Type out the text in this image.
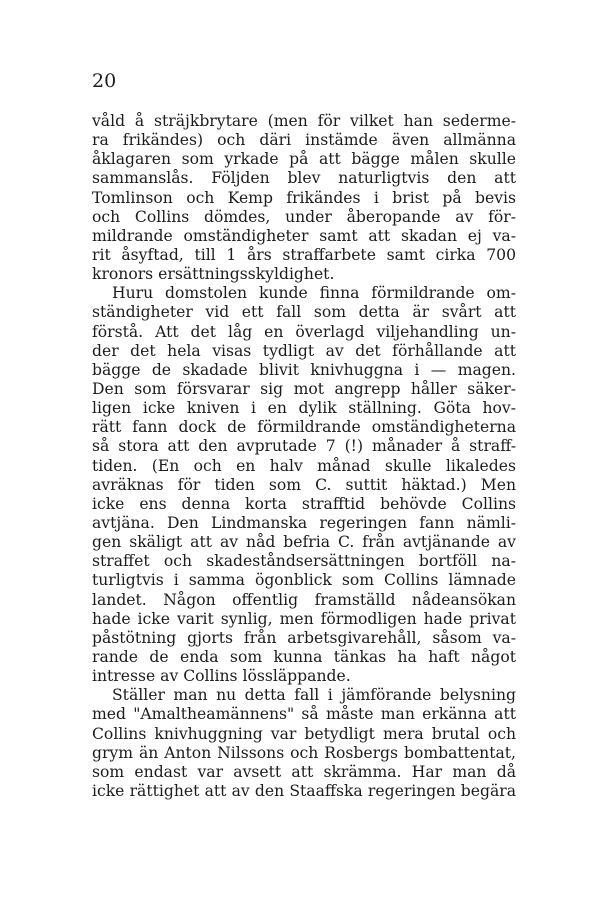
20
våld å sträjkbrytare (men för vilket han sederme-
ra frikändes) och däri instämde även allmänna
åklagaren som yrkade på att bägge målen skulle
sammanslås. Följden blev naturligtvis den att
Tomlinson och Kemp frikändes i brist på bevis
och Collins dömdes, under åberopande av för-
mildrande omständigheter samt att skadan ej va-
rit åsyftad, till 1 års straffarbete samt cirka 700
kronors ersättningsskyldighet.
Huru domstolen kunde finna förmildrande om-
ständigheter vid ett fall som detta är svårt att
förstå. Att det låg en överlagd viljehandling un-
der det hela visas tydligt av det förhållande att
bägge de skadade blivit knivhuggna i — magen.
Den som försvarar sig mot angrepp håller säker-
ligen icke kniven i en dylik ställning. Göta hov-
rätt fann dock de förmildrande omständigheterna
så stora att den avprutade 7 (!) månader å straff-
tiden. (En och en halv månad skulle likaledes
avräknas för tiden som C. suttit häktad.) Men
icke ens denna korta strafftid behövde Collins
avtjäna. Den Lindmanska regeringen fann nämli-
gen skäligt att av nåd befria C. från avtjänande av
straffet och skadeståndsersättningen bortföll na-
turligtvis i samma ögonblick som Collins lämnade
landet. Någon offentlig framställd nådeansökan
hade icke varit synlig, men förmodligen hade privat
påstötning gjorts från arbetsgivarehåll, såsom va-
rande de enda som kunna tänkas ha haft något
intresse av Collins lössläppande.
Ställer man nu detta fall i jämförande belysning
med "Amaltheamännens" så måste man erkänna att
Collins knivhuggning var betydligt mera brutal och
grym än Anton Nilssons och Rosbergs bombattentat,
som endast var avsett att skrämma. Har man då
icke rättighet att av den Staaffska regeringen begära
